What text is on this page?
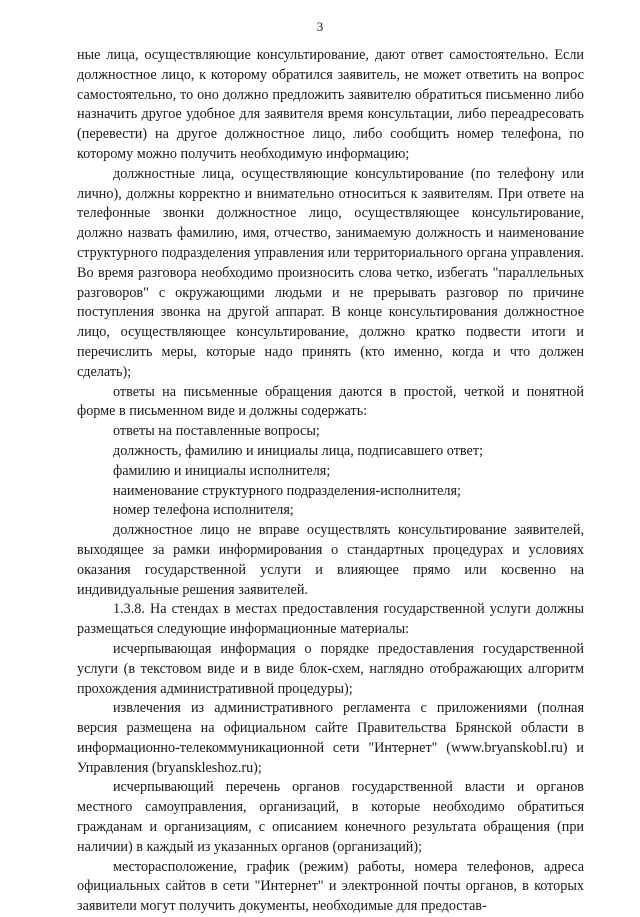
3

ные лица, осуществляющие консультирование, дают ответ самостоятельно. Если должностное лицо, к которому обратился заявитель, не может ответить на вопрос самостоятельно, то оно должно предложить заявителю обратиться письменно либо назначить другое удобное для заявителя время консультации, либо переадресовать (перевести) на другое должностное лицо, либо сообщить номер телефона, по которому можно получить необходимую информацию;

должностные лица, осуществляющие консультирование (по телефону или лично), должны корректно и внимательно относиться к заявителям. При ответе на телефонные звонки должностное лицо, осуществляющее консультирование, должно назвать фамилию, имя, отчество, занимаемую должность и наименование структурного подразделения управления или территориального органа управления. Во время разговора необходимо произносить слова четко, избегать "параллельных разговоров" с окружающими людьми и не прерывать разговор по причине поступления звонка на другой аппарат. В конце консультирования должностное лицо, осуществляющее консультирование, должно кратко подвести итоги и перечислить меры, которые надо принять (кто именно, когда и что должен сделать);

ответы на письменные обращения даются в простой, четкой и понятной форме в письменном виде и должны содержать:

ответы на поставленные вопросы;

должность, фамилию и инициалы лица, подписавшего ответ;

фамилию и инициалы исполнителя;

наименование структурного подразделения-исполнителя;

номер телефона исполнителя;

должностное лицо не вправе осуществлять консультирование заявителей, выходящее за рамки информирования о стандартных процедурах и условиях оказания государственной услуги и влияющее прямо или косвенно на индивидуальные решения заявителей.

1.3.8. На стендах в местах предоставления государственной услуги должны размещаться следующие информационные материалы:

исчерпывающая информация о порядке предоставления государственной услуги (в текстовом виде и в виде блок-схем, наглядно отображающих алгоритм прохождения административной процедуры);

извлечения из административного регламента с приложениями (полная версия размещена на официальном сайте Правительства Брянской области в информационно-телекоммуникационной сети "Интернет" (www.bryanskobl.ru) и Управления (bryanskleshoz.ru);

исчерпывающий перечень органов государственной власти и органов местного самоуправления, организаций, в которые необходимо обратиться гражданам и организациям, с описанием конечного результата обращения (при наличии) в каждый из указанных органов (организаций);

месторасположение, график (режим) работы, номера телефонов, адреса официальных сайтов в сети "Интернет" и электронной почты органов, в которых заявители могут получить документы, необходимые для предостав-
